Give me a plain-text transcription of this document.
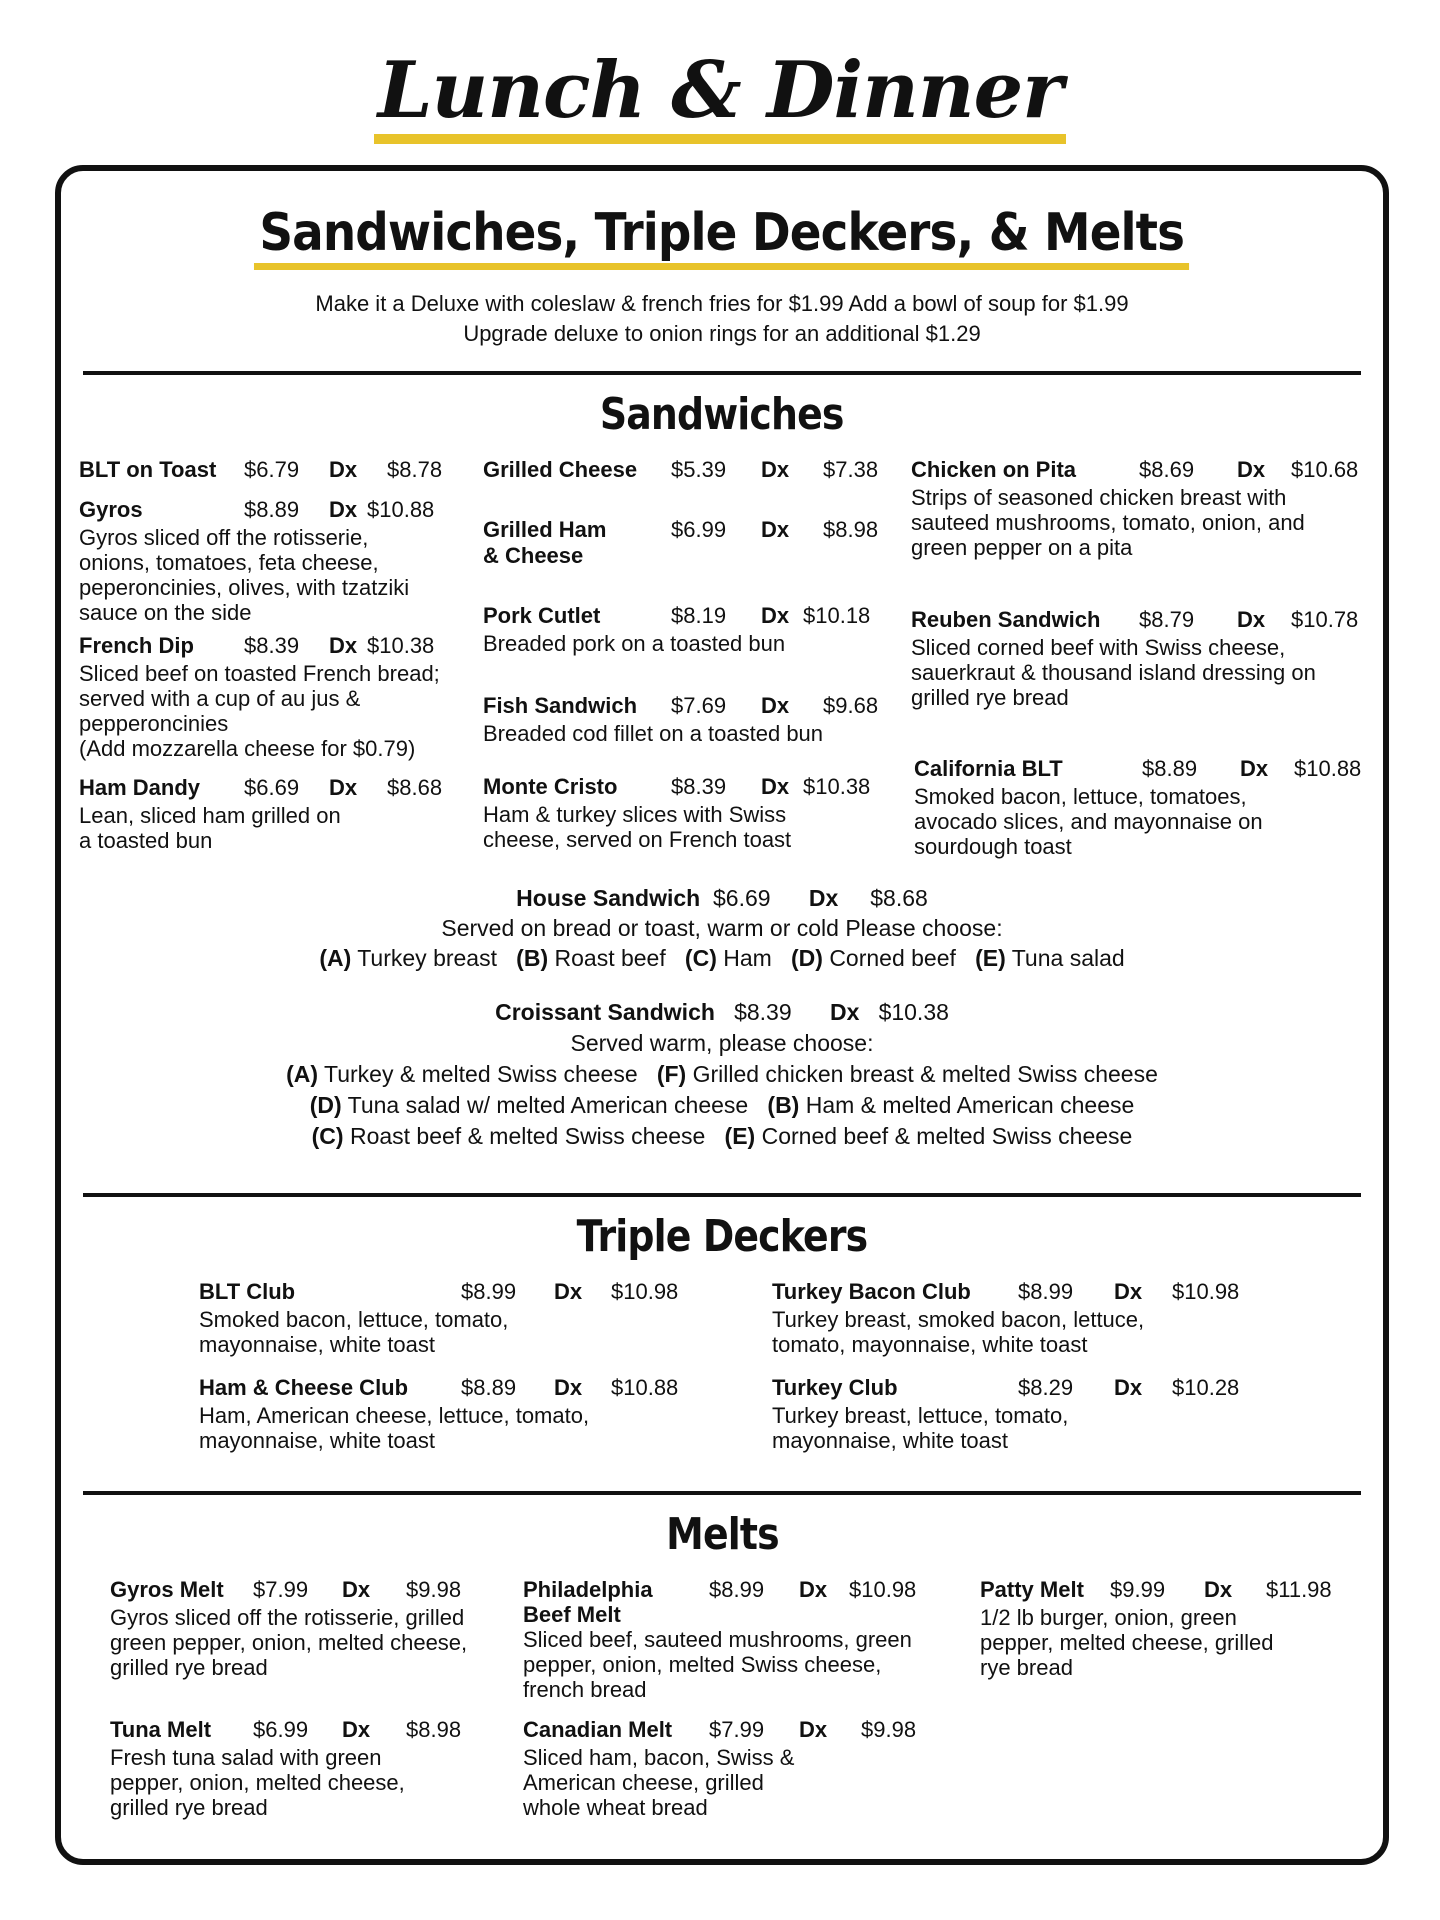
Lunch & Dinner
Sandwiches, Triple Deckers, & Melts
Make it a Deluxe with coleslaw & french fries for $1.99 Add a bowl of soup for $1.99
Upgrade deluxe to onion rings for an additional $1.29
Sandwiches
BLT on Toast $6.79 Dx $8.78
Gyros	$8.89 Dx $10.88
Gyros sliced off the rotisserie, onions, tomatoes, feta cheese, peperoncinies, olives, with tzatziki sauce on the side
French Dip $8.39 Dx $10.38
Sliced beef on toasted French bread; served with a cup of au jus & pepperoncinies
(Add mozzarella cheese for $0.79)
Ham Dandy $6.69 Dx $8.68
Lean, sliced ham grilled on a toasted bun
Grilled Cheese $5.39 Dx $7.38
Grilled Ham	$6.99 Dx $8.98
& Cheese
Pork Cutlet	$8.19 Dx $10.18
Breaded pork on a toasted bun
Fish Sandwich $7.69 Dx $9.68
Breaded cod fillet on a toasted bun
Monte Cristo $8.39 Dx $10.38
Ham & turkey slices with Swiss cheese, served on French toast
Chicken on Pita	$8.69 Dx $10.68
Strips of seasoned chicken breast with sauteed mushrooms, tomato, onion, and green pepper on a pita
Reuben Sandwich $8.79 Dx $10.78
Sliced corned beef with Swiss cheese, sauerkraut & thousand island dressing on grilled rye bread
California BLT	$8.89 Dx $10.88
Smoked bacon, lettuce, tomatoes, avocado slices, and mayonnaise on sourdough toast
House Sandwich $6.69 Dx $8.68
Served on bread or toast, warm or cold Please choose:
(A) Turkey breast (B) Roast beef (C) Ham (D) Corned beef (E) Tuna salad
Croissant Sandwich $8.39 Dx $10.38
Served warm, please choose:
(A) Turkey & melted Swiss cheese (F) Grilled chicken breast & melted Swiss cheese
(D) Tuna salad w/ melted American cheese (B) Ham & melted American cheese
(C) Roast beef & melted Swiss cheese (E) Corned beef & melted Swiss cheese
Triple Deckers
BLT Club	$8.99 Dx $10.98
Smoked bacon, lettuce, tomato, mayonnaise, white toast
Ham & Cheese Club $8.89 Dx $10.88
Ham, American cheese, lettuce, tomato, mayonnaise, white toast
Turkey Bacon Club $8.99 Dx $10.98
Turkey breast, smoked bacon, lettuce, tomato, mayonnaise, white toast
Turkey Club	$8.29 Dx $10.28
Turkey breast, lettuce, tomato, mayonnaise, white toast
Melts
Gyros Melt $7.99 Dx $9.98
Gyros sliced off the rotisserie, grilled green pepper, onion, melted cheese, grilled rye bread
Tuna Melt $6.99 Dx $8.98
Fresh tuna salad with green pepper, onion, melted cheese, grilled rye bread
Philadelphia	$8.99 Dx $10.98
Beef Melt
Sliced beef, sauteed mushrooms, green pepper, onion, melted Swiss cheese, french bread
Canadian Melt $7.99 Dx $9.98
Sliced ham, bacon, Swiss & American cheese, grilled whole wheat bread
Patty Melt $9.99 Dx $11.98
1/2 lb burger, onion, green pepper, melted cheese, grilled rye bread
